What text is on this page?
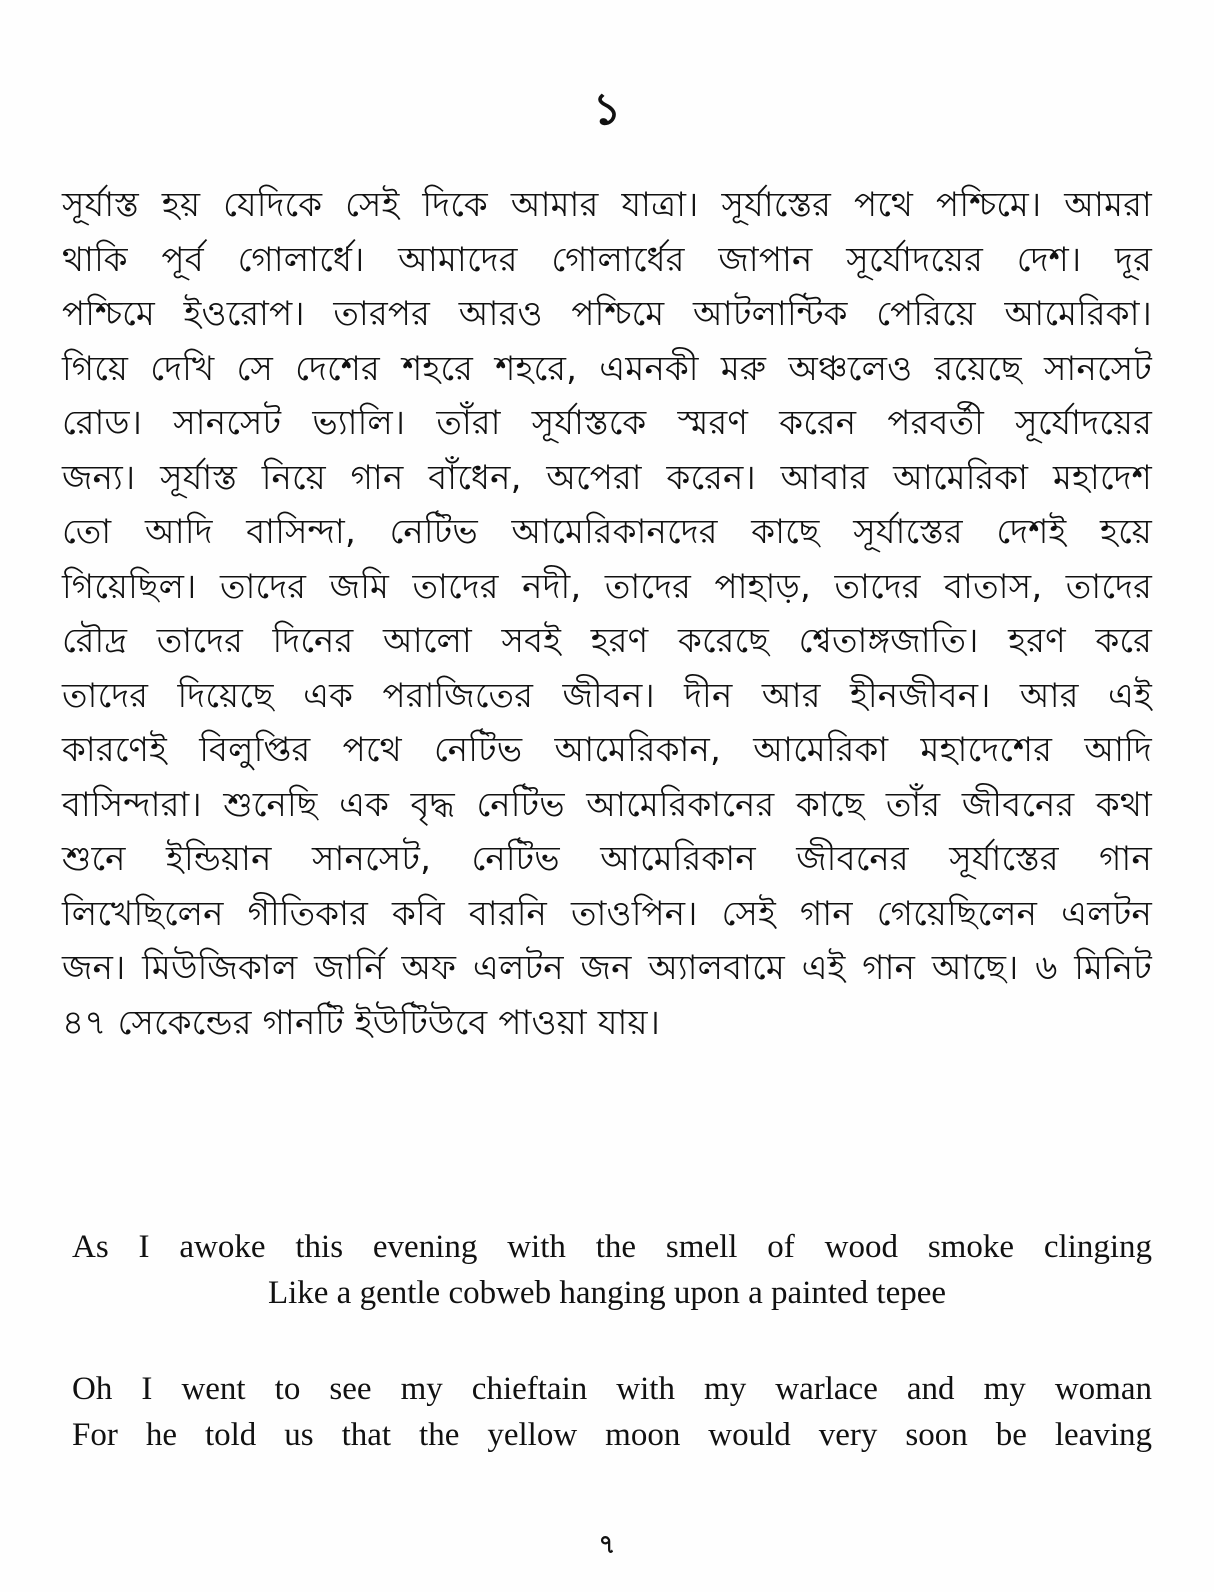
১
সূর্যাস্ত হয় যেদিকে সেই দিকে আমার যাত্রা। সূর্যাস্তের পথে পশ্চিমে। আমরা
থাকি পূর্ব গোলার্ধে। আমাদের গোলার্ধের জাপান সূর্যোদয়ের দেশ। দূর
পশ্চিমে ইওরোপ। তারপর আরও পশ্চিমে আটলান্টিক পেরিয়ে আমেরিকা।
গিয়ে দেখি সে দেশের শহরে শহরে, এমনকী মরু অঞ্চলেও রয়েছে সানসেট
রোড। সানসেট ভ্যালি। তাঁরা সূর্যাস্তকে স্মরণ করেন পরবর্তী সূর্যোদয়ের
জন্য। সূর্যাস্ত নিয়ে গান বাঁধেন, অপেরা করেন। আবার আমেরিকা মহাদেশ
তো আদি বাসিন্দা, নেটিভ আমেরিকানদের কাছে সূর্যাস্তের দেশই হয়ে
গিয়েছিল। তাদের জমি তাদের নদী, তাদের পাহাড়, তাদের বাতাস, তাদের
রৌদ্র তাদের দিনের আলো সবই হরণ করেছে শ্বেতাঙ্গজাতি। হরণ করে
তাদের দিয়েছে এক পরাজিতের জীবন। দীন আর হীনজীবন। আর এই
কারণেই বিলুপ্তির পথে নেটিভ আমেরিকান, আমেরিকা মহাদেশের আদি
বাসিন্দারা। শুনেছি এক বৃদ্ধ নেটিভ আমেরিকানের কাছে তাঁর জীবনের কথা
শুনে ইন্ডিয়ান সানসেট, নেটিভ আমেরিকান জীবনের সূর্যাস্তের গান
লিখেছিলেন গীতিকার কবি বারনি তাওপিন। সেই গান গেয়েছিলেন এলটন
জন। মিউজিকাল জার্নি অফ এলটন জন অ্যালবামে এই গান আছে। ৬ মিনিট
৪৭ সেকেন্ডের গানটি ইউটিউবে পাওয়া যায়।
As I awoke this evening with the smell of wood smoke clinging
Like a gentle cobweb hanging upon a painted tepee
Oh I went to see my chieftain with my warlace and my woman
For he told us that the yellow moon would very soon be leaving
৭
